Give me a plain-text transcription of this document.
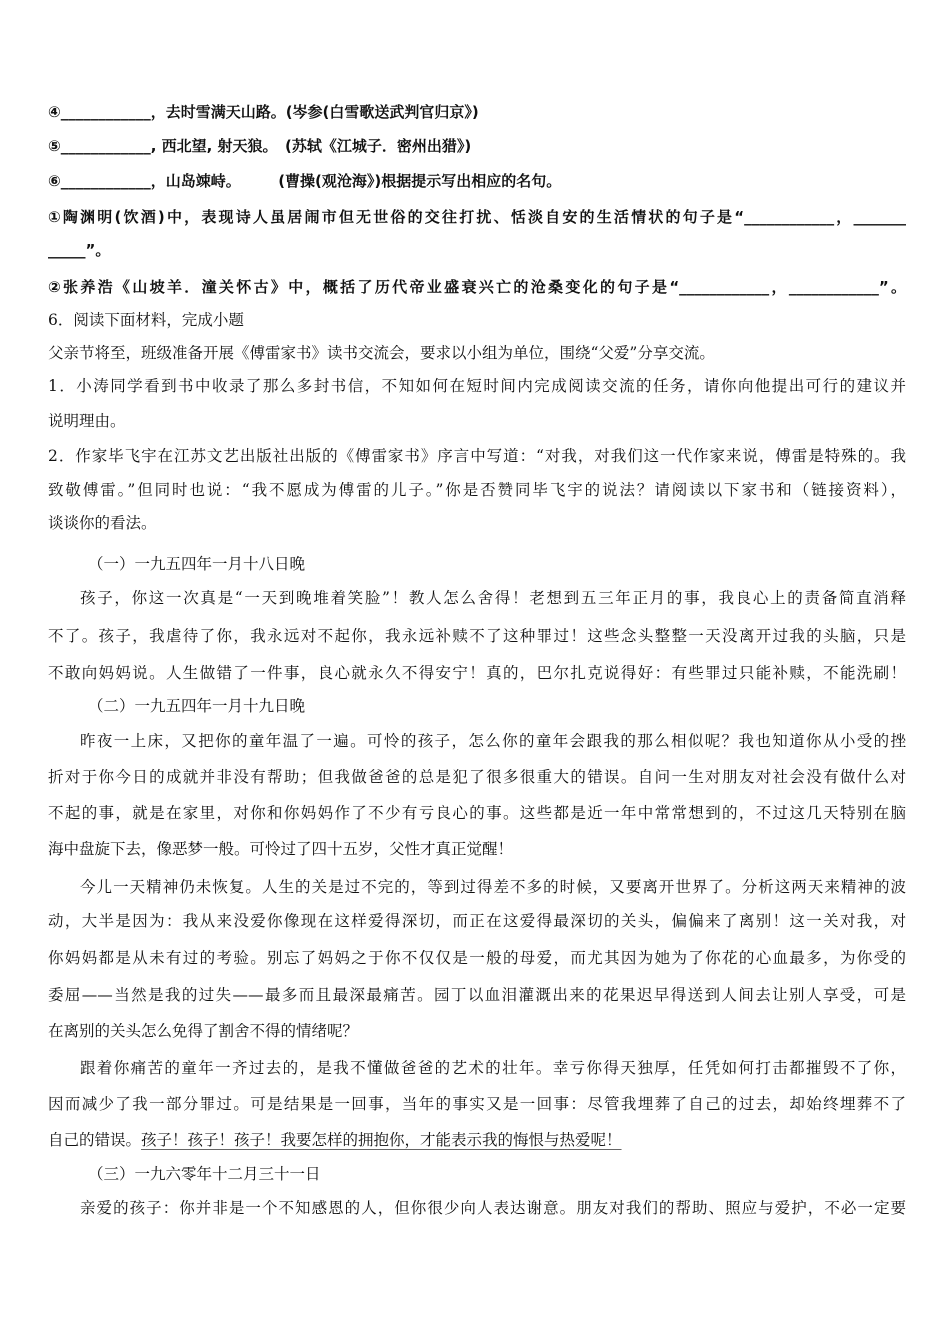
④____________，去时雪满天山路。(岑参(白雪歌送武判官归京》)
⑤____________, 西北望, 射天狼。　(苏轼《江城子．密州出猎》)
⑥____________，山岛竦峙。　　　(曹操(观沧海》)根据提示写出相应的名句。
①陶渊明(饮酒)中，表现诗人虽居闹市但无世俗的交往打扰、恬淡自安的生活情状的句子是“____________，_______
_____”。
②张养浩《山坡羊．潼关怀古》中，概括了历代帝业盛衰兴亡的沧桑变化的句子是“____________，____________”。
6．阅读下面材料，完成小题
父亲节将至，班级准备开展《傅雷家书》读书交流会，要求以小组为单位，围绕“父爱”分享交流。
1．小涛同学看到书中收录了那么多封书信，不知如何在短时间内完成阅读交流的任务，请你向他提出可行的建议并
说明理由。
2．作家毕飞宇在江苏文艺出版社出版的《傅雷家书》序言中写道：“对我，对我们这一代作家来说，傅雷是特殊的。我
致敬傅雷。”但同时也说：“我不愿成为傅雷的儿子。”你是否赞同毕飞宇的说法？请阅读以下家书和（链接资料），
谈谈你的看法。
（一）一九五四年一月十八日晚
孩子，你这一次真是“一天到晚堆着笑脸”！教人怎么舍得！老想到五三年正月的事，我良心上的责备简直消释
不了。孩子，我虐待了你，我永远对不起你，我永远补赎不了这种罪过！这些念头整整一天没离开过我的头脑，只是
不敢向妈妈说。人生做错了一件事，良心就永久不得安宁！真的，巴尔扎克说得好：有些罪过只能补赎，不能洗刷！
（二）一九五四年一月十九日晚
昨夜一上床，又把你的童年温了一遍。可怜的孩子，怎么你的童年会跟我的那么相似呢？我也知道你从小受的挫
折对于你今日的成就并非没有帮助；但我做爸爸的总是犯了很多很重大的错误。自问一生对朋友对社会没有做什么对
不起的事，就是在家里，对你和你妈妈作了不少有亏良心的事。这些都是近一年中常常想到的，不过这几天特别在脑
海中盘旋下去，像恶梦一般。可怜过了四十五岁，父性才真正觉醒！
今儿一天精神仍未恢复。人生的关是过不完的，等到过得差不多的时候，又要离开世界了。分析这两天来精神的波
动，大半是因为：我从来没爱你像现在这样爱得深切，而正在这爱得最深切的关头，偏偏来了离别！这一关对我，对
你妈妈都是从未有过的考验。别忘了妈妈之于你不仅仅是一般的母爱，而尤其因为她为了你花的心血最多，为你受的
委屈——当然是我的过失——最多而且最深最痛苦。园丁以血泪灌溉出来的花果迟早得送到人间去让别人享受，可是
在离别的关头怎么免得了割舍不得的情绪呢？
跟着你痛苦的童年一齐过去的，是我不懂做爸爸的艺术的壮年。幸亏你得天独厚，任凭如何打击都摧毁不了你，
因而减少了我一部分罪过。可是结果是一回事，当年的事实又是一回事：尽管我埋葬了自己的过去，却始终埋葬不了
自己的错误。孩子！孩子！孩子！我要怎样的拥抱你，才能表示我的悔恨与热爱呢！
（三）一九六零年十二月三十一日
亲爱的孩子：你并非是一个不知感恩的人，但你很少向人表达谢意。朋友对我们的帮助、照应与爱护，不必一定要
